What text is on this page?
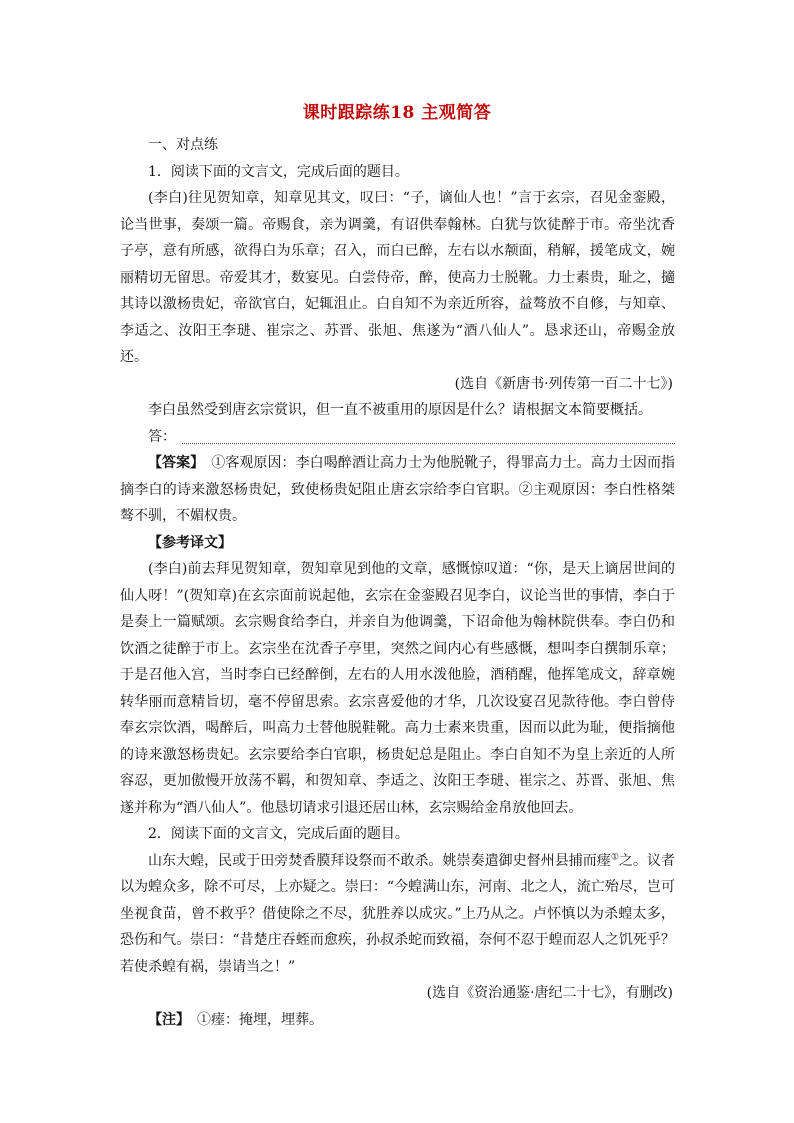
课时跟踪练18 主观简答

一、对点练

1．阅读下面的文言文，完成后面的题目。

(李白)往见贺知章，知章见其文，叹曰：“子，谪仙人也！”言于玄宗，召见金銮殿，论当世事，奏颂一篇。帝赐食，亲为调羹，有诏供奉翰林。白犹与饮徒醉于市。帝坐沈香子亭，意有所感，欲得白为乐章；召入，而白已醉，左右以水颒面，稍解，援笔成文，婉丽精切无留思。帝爱其才，数宴见。白尝侍帝，醉，使高力士脱靴。力士素贵，耻之，擿其诗以激杨贵妃，帝欲官白，妃辄沮止。白自知不为亲近所容，益骜放不自修，与知章、李适之、汝阳王李琎、崔宗之、苏晋、张旭、焦遂为“酒八仙人”。恳求还山，帝赐金放还。

(选自《新唐书·列传第一百二十七》)

李白虽然受到唐玄宗赏识，但一直不被重用的原因是什么？请根据文本简要概括。

答：

【答案】　 ①客观原因：李白喝醉酒让高力士为他脱靴子，得罪高力士。高力士因而指摘李白的诗来激怒杨贵妃，致使杨贵妃阻止唐玄宗给李白官职。②主观原因：李白性格桀骜不驯，不媚权贵。

【参考译文】

(李白)前去拜见贺知章，贺知章见到他的文章，感慨惊叹道：“你，是天上谪居世间的仙人呀！”(贺知章)在玄宗面前说起他，玄宗在金銮殿召见李白，议论当世的事情，李白于是奏上一篇赋颂。玄宗赐食给李白，并亲自为他调羹，下诏命他为翰林院供奉。李白仍和饮酒之徒醉于市上。玄宗坐在沈香子亭里，突然之间内心有些感慨，想叫李白撰制乐章；于是召他入宫，当时李白已经醉倒，左右的人用水泼他脸，酒稍醒，他挥笔成文，辞章婉转华丽而意精旨切，毫不停留思索。玄宗喜爱他的才华，几次设宴召见款待他。李白曾侍奉玄宗饮酒，喝醉后，叫高力士替他脱鞋靴。高力士素来贵重，因而以此为耻，便指摘他的诗来激怒杨贵妃。玄宗要给李白官职，杨贵妃总是阻止。李白自知不为皇上亲近的人所容忍，更加傲慢开放荡不羁，和贺知章、李适之、汝阳王李琎、崔宗之、苏晋、张旭、焦遂并称为“酒八仙人”。他恳切请求引退还居山林，玄宗赐给金帛放他回去。

2．阅读下面的文言文，完成后面的题目。

山东大蝗，民或于田旁焚香膜拜设祭而不敢杀。姚崇奏遣御史督州县捕而瘗①之。议者以为蝗众多，除不可尽，上亦疑之。崇曰：“今蝗满山东，河南、北之人，流亡殆尽，岂可坐视食苗，曾不救乎？借使除之不尽，犹胜养以成灾。”上乃从之。卢怀慎以为杀蝗太多，恐伤和气。崇曰：“昔楚庄吞蛭而愈疾，孙叔杀蛇而致福，奈何不忍于蝗而忍人之饥死乎？若使杀蝗有祸，崇请当之！”

(选自《资治通鉴·唐纪二十七》，有删改)

【注】　 ①瘗：掩埋，埋葬。
